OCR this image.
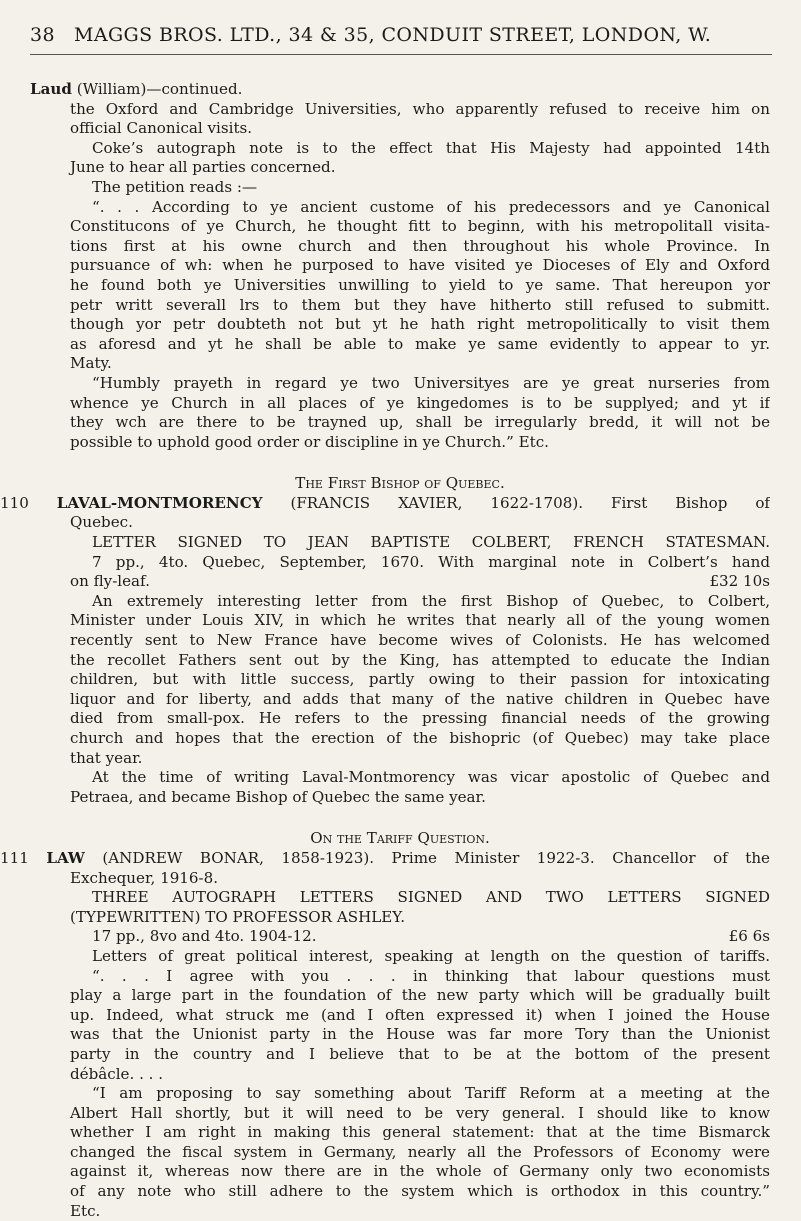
38 MAGGS BROS. LTD., 34 & 35, CONDUIT STREET, LONDON, W.
Laud (William)—continued.
the Oxford and Cambridge Universities, who apparently refused to receive him on
official Canonical visits.
Coke’s autograph note is to the effect that His Majesty had appointed 14th
June to hear all parties concerned.
The petition reads :—
“. . . According to ye ancient custome of his predecessors and ye Canonical
Constitucons of ye Church, he thought fitt to beginn, with his metropolitall visita-
tions first at his owne church and then throughout his whole Province. In
pursuance of wh: when he purposed to have visited ye Dioceses of Ely and Oxford
he found both ye Universities unwilling to yield to ye same. That hereupon yor
petr writt severall lrs to them but they have hitherto still refused to submitt.
though yor petr doubteth not but yt he hath right metropolitically to visit them
as aforesd and yt he shall be able to make ye same evidently to appear to yr.
Maty.
“Humbly prayeth in regard ye two Universityes are ye great nurseries from
whence ye Church in all places of ye kingedomes is to be supplyed; and yt if
they wch are there to be trayned up, shall be irregularly bredd, it will not be
possible to uphold good order or discipline in ye Church.” Etc.
The First Bishop of Quebec.
110 LAVAL-MONTMORENCY (FRANCIS XAVIER, 1622-1708). First Bishop of
Quebec.
LETTER SIGNED TO JEAN BAPTISTE COLBERT, FRENCH STATESMAN.
7 pp., 4to. Quebec, September, 1670. With marginal note in Colbert’s hand
on fly-leaf.	£32 10s
An extremely interesting letter from the first Bishop of Quebec, to Colbert,
Minister under Louis XIV, in which he writes that nearly all of the young women
recently sent to New France have become wives of Colonists. He has welcomed
the recollet Fathers sent out by the King, has attempted to educate the Indian
children, but with little success, partly owing to their passion for intoxicating
liquor and for liberty, and adds that many of the native children in Quebec have
died from small-pox. He refers to the pressing financial needs of the growing
church and hopes that the erection of the bishopric (of Quebec) may take place
that year.
At the time of writing Laval-Montmorency was vicar apostolic of Quebec and
Petraea, and became Bishop of Quebec the same year.
On the Tariff Question.
111 LAW (ANDREW BONAR, 1858-1923). Prime Minister 1922-3. Chancellor of the
Exchequer, 1916-8.
THREE AUTOGRAPH LETTERS SIGNED AND TWO LETTERS SIGNED
(TYPEWRITTEN) TO PROFESSOR ASHLEY.
17 pp., 8vo and 4to. 1904-12.	£6 6s
Letters of great political interest, speaking at length on the question of tariffs.
“. . . I agree with you . . . in thinking that labour questions must
play a large part in the foundation of the new party which will be gradually built
up. Indeed, what struck me (and I often expressed it) when I joined the House
was that the Unionist party in the House was far more Tory than the Unionist
party in the country and I believe that to be at the bottom of the present
débâcle. . . .
“I am proposing to say something about Tariff Reform at a meeting at the
Albert Hall shortly, but it will need to be very general. I should like to know
whether I am right in making this general statement: that at the time Bismarck
changed the fiscal system in Germany, nearly all the Professors of Economy were
against it, whereas now there are in the whole of Germany only two economists
of any note who still adhere to the system which is orthodox in this country.”
Etc.
